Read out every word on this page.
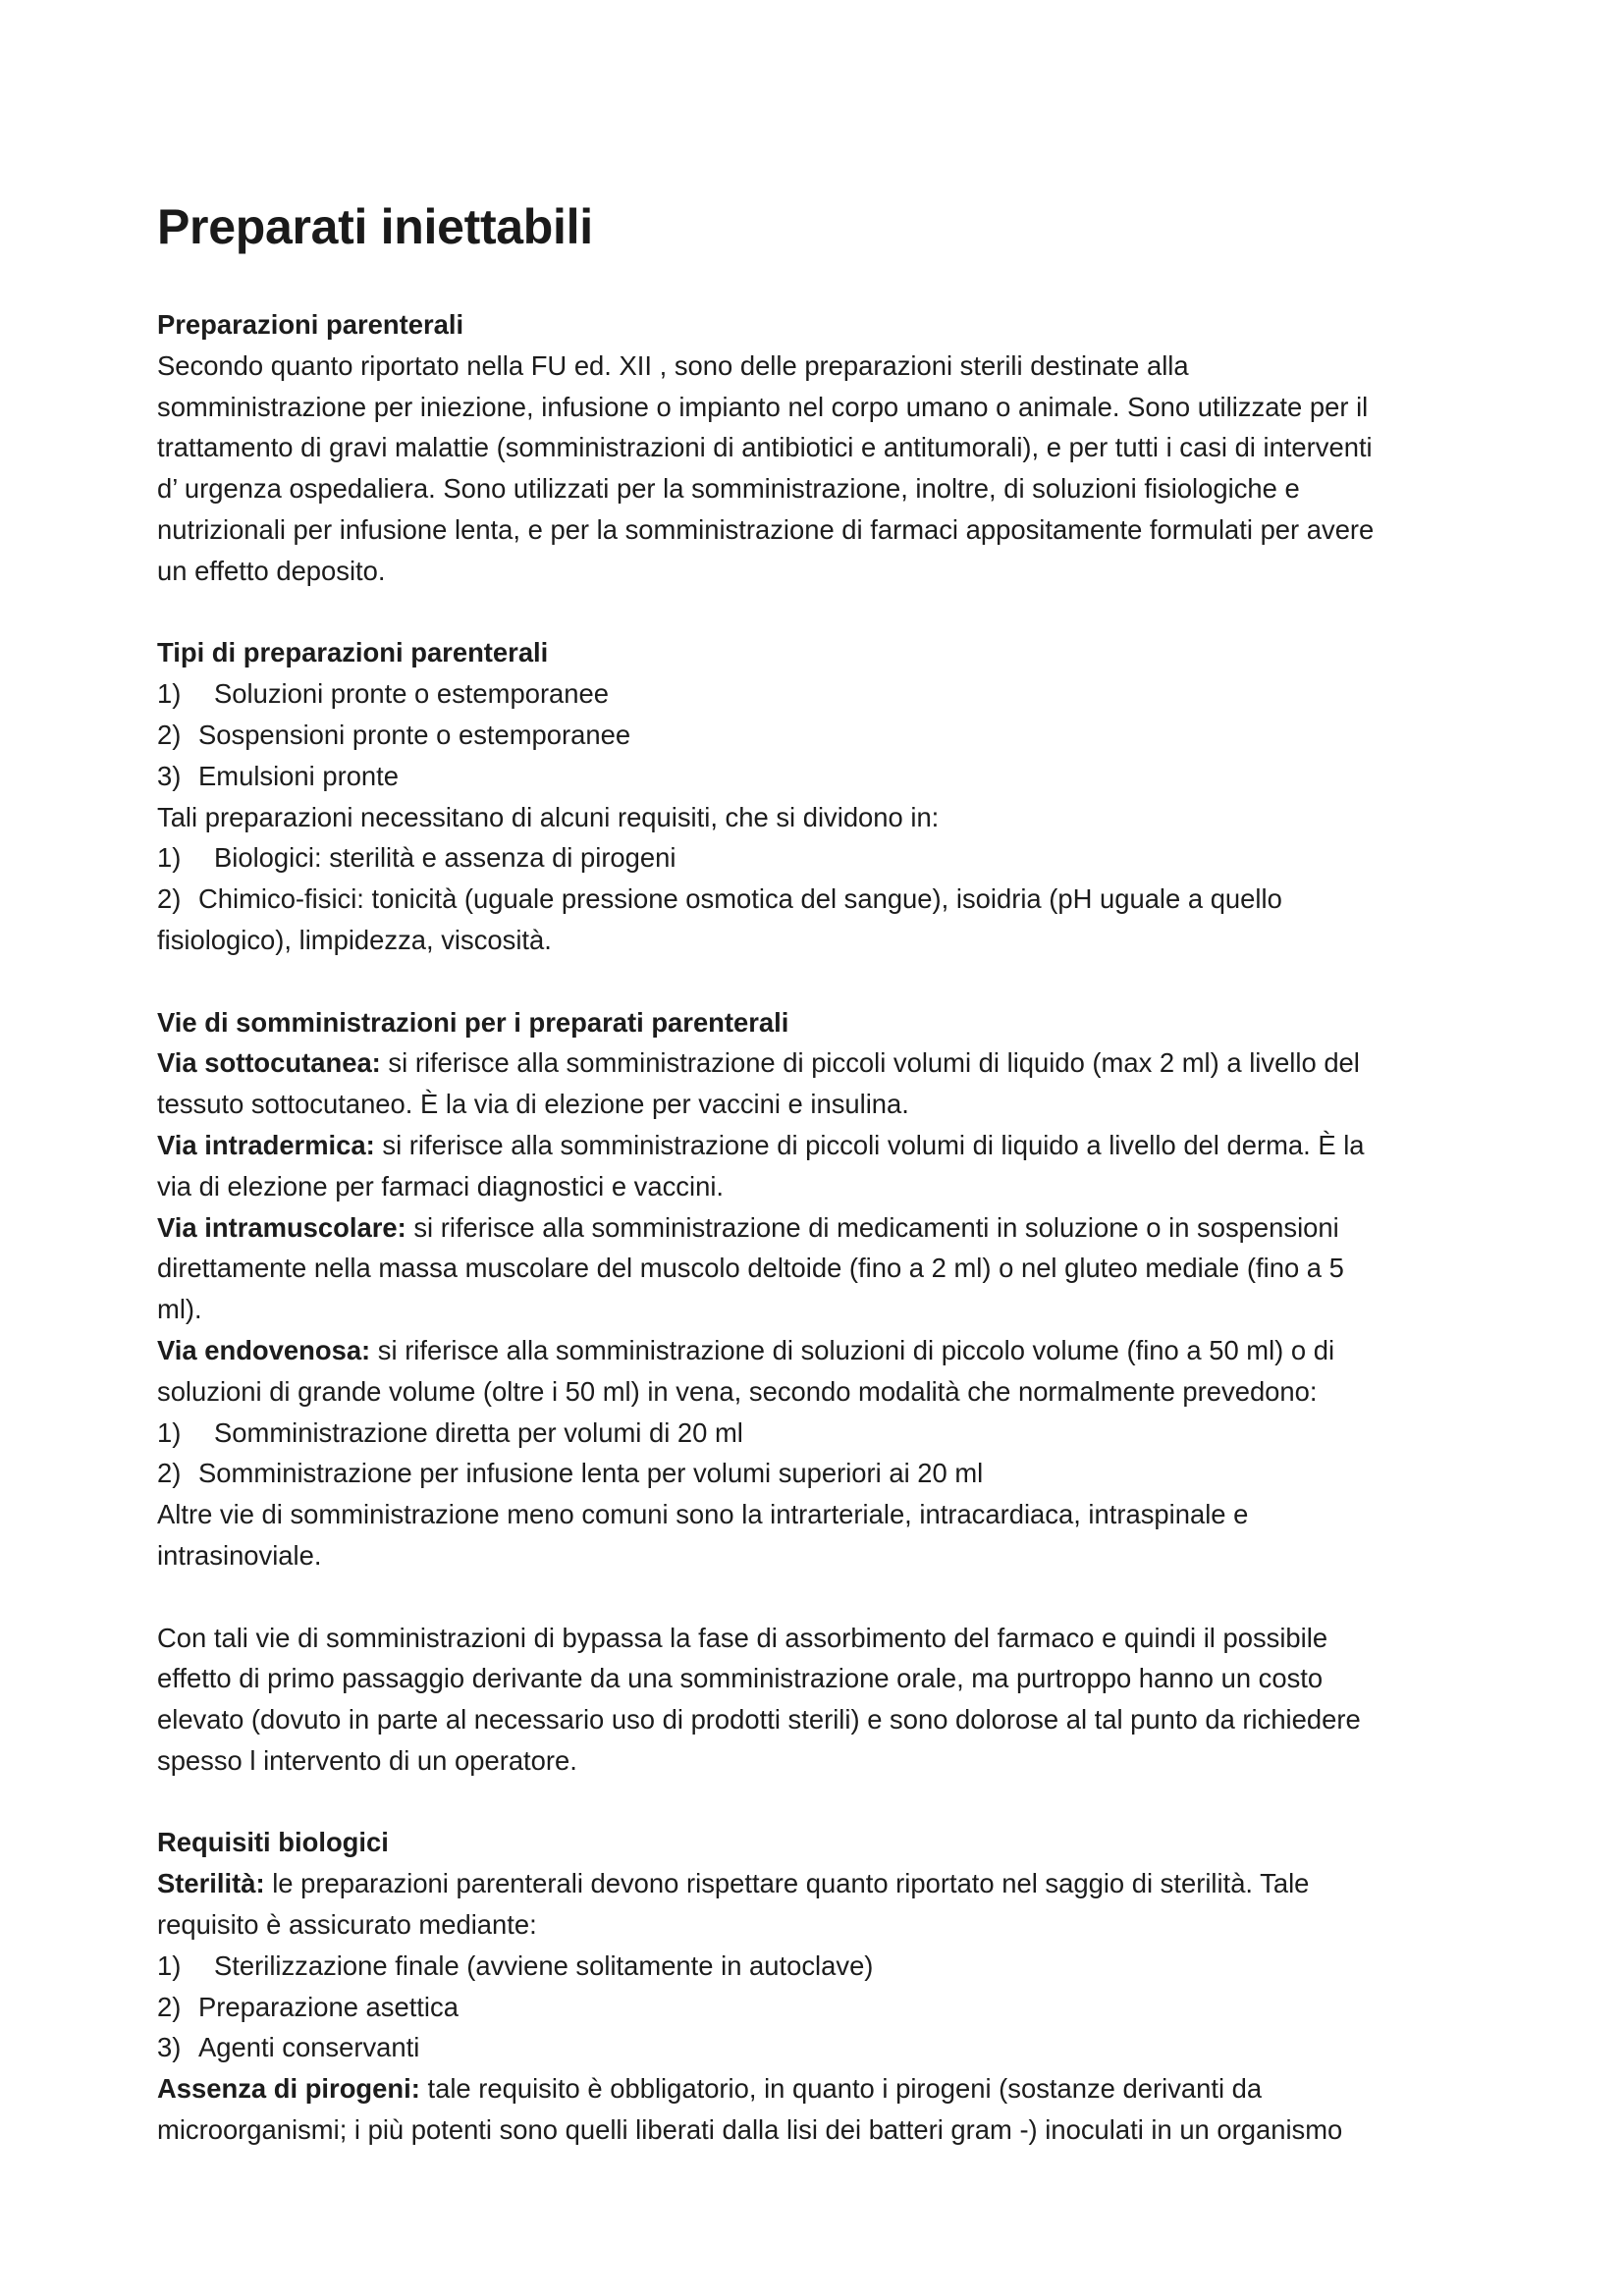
Preparati iniettabili

Preparazioni parenterali

Secondo quanto riportato nella FU ed. XII , sono delle preparazioni sterili destinate alla

somministrazione per iniezione, infusione o impianto nel corpo umano o animale. Sono utilizzate per il

trattamento di gravi malattie (somministrazioni di antibiotici e antitumorali), e per tutti i casi di interventi

d’ urgenza ospedaliera. Sono utilizzati per la somministrazione, inoltre, di soluzioni fisiologiche e

nutrizionali per infusione lenta, e per la somministrazione di farmaci appositamente formulati per avere

un effetto deposito.

Tipi di preparazioni parenterali

1) Soluzioni pronte o estemporanee

2) Sospensioni pronte o estemporanee

3) Emulsioni pronte

Tali preparazioni necessitano di alcuni requisiti, che si dividono in:

1) Biologici: sterilità e assenza di pirogeni

2) Chimico-fisici: tonicità (uguale pressione osmotica del sangue), isoidria (pH uguale a quello

fisiologico), limpidezza, viscosità.

Vie di somministrazioni per i preparati parenterali

Via sottocutanea: si riferisce alla somministrazione di piccoli volumi di liquido (max 2 ml) a livello del

tessuto sottocutaneo. È la via di elezione per vaccini e insulina.

Via intradermica: si riferisce alla somministrazione di piccoli volumi di liquido a livello del derma. È la

via di elezione per farmaci diagnostici e vaccini.

Via intramuscolare: si riferisce alla somministrazione di medicamenti in soluzione o in sospensioni

direttamente nella massa muscolare del muscolo deltoide (fino a 2 ml) o nel gluteo mediale (fino a 5

ml).

Via endovenosa: si riferisce alla somministrazione di soluzioni di piccolo volume (fino a 50 ml) o di

soluzioni di grande volume (oltre i 50 ml) in vena, secondo modalità che normalmente prevedono:

1) Somministrazione diretta per volumi di 20 ml

2) Somministrazione per infusione lenta per volumi superiori ai 20 ml

Altre vie di somministrazione meno comuni sono la intrarteriale, intracardiaca, intraspinale e

intrasinoviale.

Con tali vie di somministrazioni di bypassa la fase di assorbimento del farmaco e quindi il possibile

effetto di primo passaggio derivante da una somministrazione orale, ma purtroppo hanno un costo

elevato (dovuto in parte al necessario uso di prodotti sterili) e sono dolorose al tal punto da richiedere

spesso l intervento di un operatore.

Requisiti biologici

Sterilità: le preparazioni parenterali devono rispettare quanto riportato nel saggio di sterilità. Tale

requisito è assicurato mediante:

1) Sterilizzazione finale (avviene solitamente in autoclave)

2) Preparazione asettica

3) Agenti conservanti

Assenza di pirogeni: tale requisito è obbligatorio, in quanto i pirogeni (sostanze derivanti da

microorganismi; i più potenti sono quelli liberati dalla lisi dei batteri gram -) inoculati in un organismo
